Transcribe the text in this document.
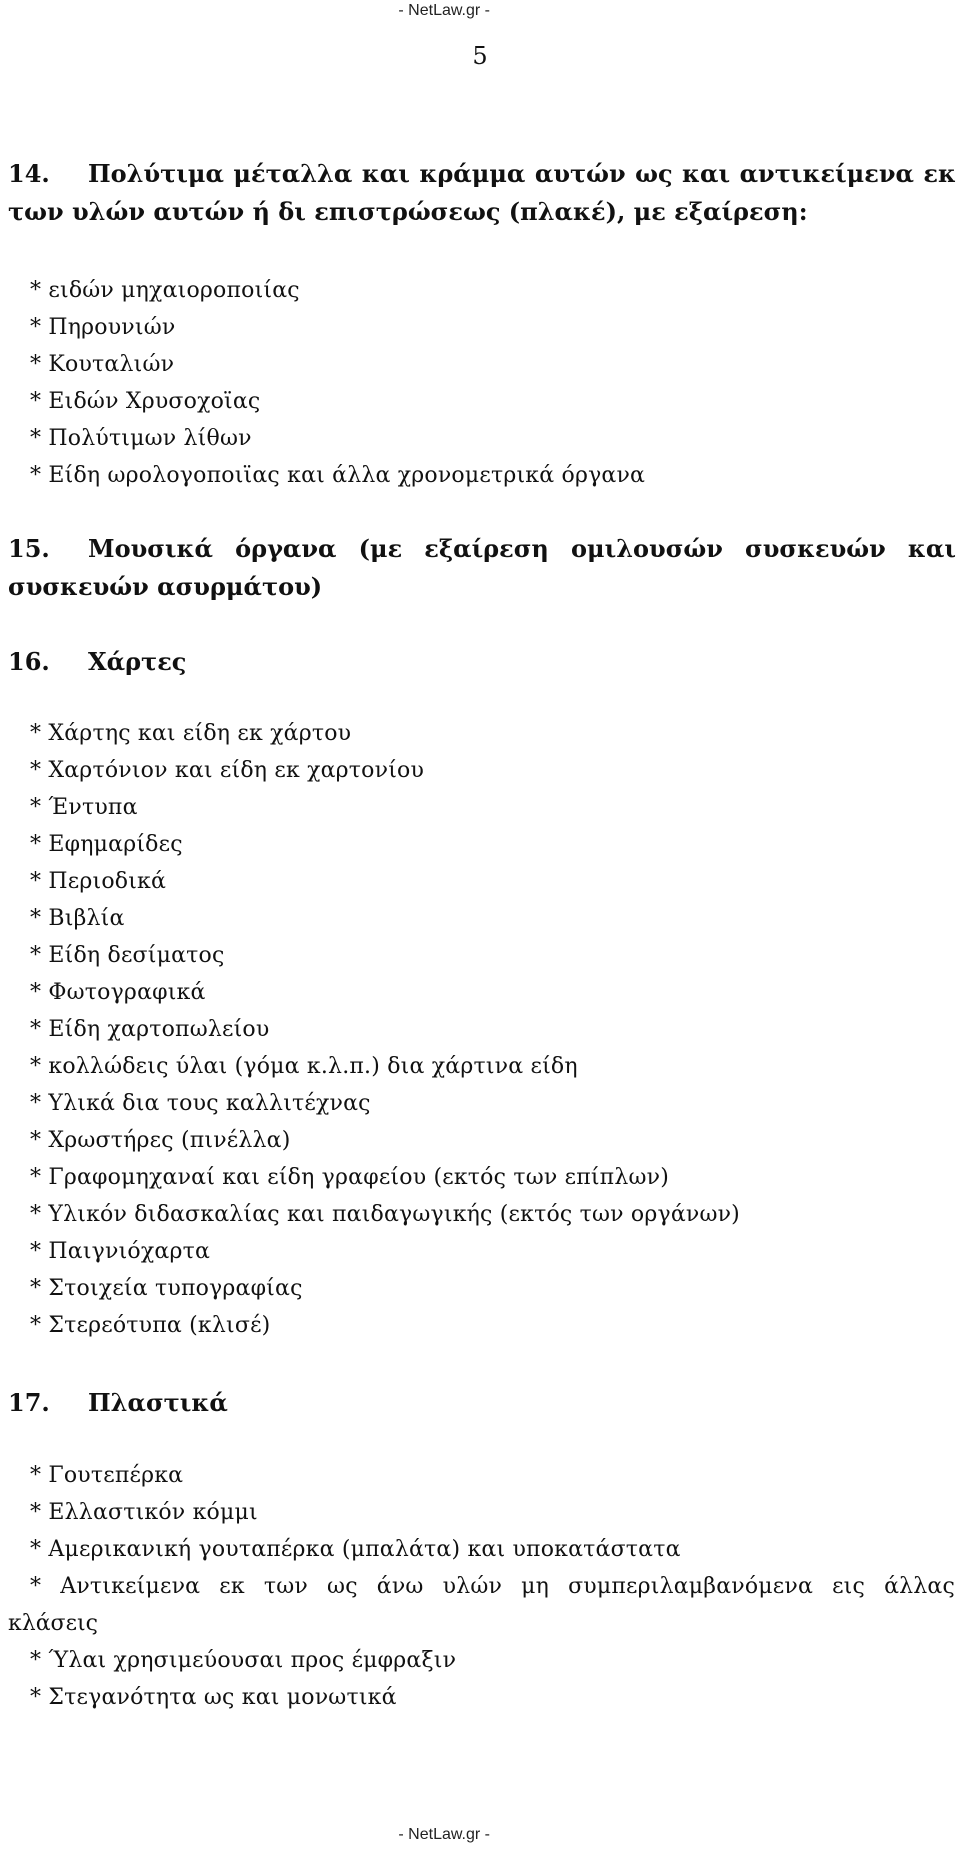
- NetLaw.gr -
5
14. Πολύτιμα μέταλλα και κράμμα αυτών ως και αντικείμενα εκ
των υλών αυτών ή δι επιστρώσεως (πλακέ), με εξαίρεση:
* ειδών μηχαιοροποιίας
* Πηρουνιών
* Κουταλιών
* Ειδών Χρυσοχοϊας
* Πολύτιμων λίθων
* Είδη ωρολογοποιϊας και άλλα χρονομετρικά όργανα
15. Μουσικά όργανα (με εξαίρεση ομιλουσών συσκευών και
συσκευών ασυρμάτου)
16. Χάρτες
* Χάρτης και είδη εκ χάρτου
* Χαρτόνιον και είδη εκ χαρτονίου
* Έντυπα
* Εφημαρίδες
* Περιοδικά
* Βιβλία
* Είδη δεσίματος
* Φωτογραφικά
* Είδη χαρτοπωλείου
* κολλώδεις ύλαι (γόμα κ.λ.π.) δια χάρτινα είδη
* Υλικά δια τους καλλιτέχνας
* Χρωστήρες (πινέλλα)
* Γραφομηχαναί και είδη γραφείου (εκτός των επίπλων)
* Υλικόν διδασκαλίας και παιδαγωγικής (εκτός των οργάνων)
* Παιγνιόχαρτα
* Στοιχεία τυπογραφίας
* Στερεότυπα (κλισέ)
17. Πλαστικά
* Γουτεπέρκα
* Ελλαστικόν κόμμι
* Αμερικανική γουταπέρκα (μπαλάτα) και υποκατάστατα
* Αντικείμενα εκ των ως άνω υλών μη συμπεριλαμβανόμενα εις άλλας
κλάσεις
* Ύλαι χρησιμεύουσαι προς έμφραξιν
* Στεγανότητα ως και μονωτικά
- NetLaw.gr -
